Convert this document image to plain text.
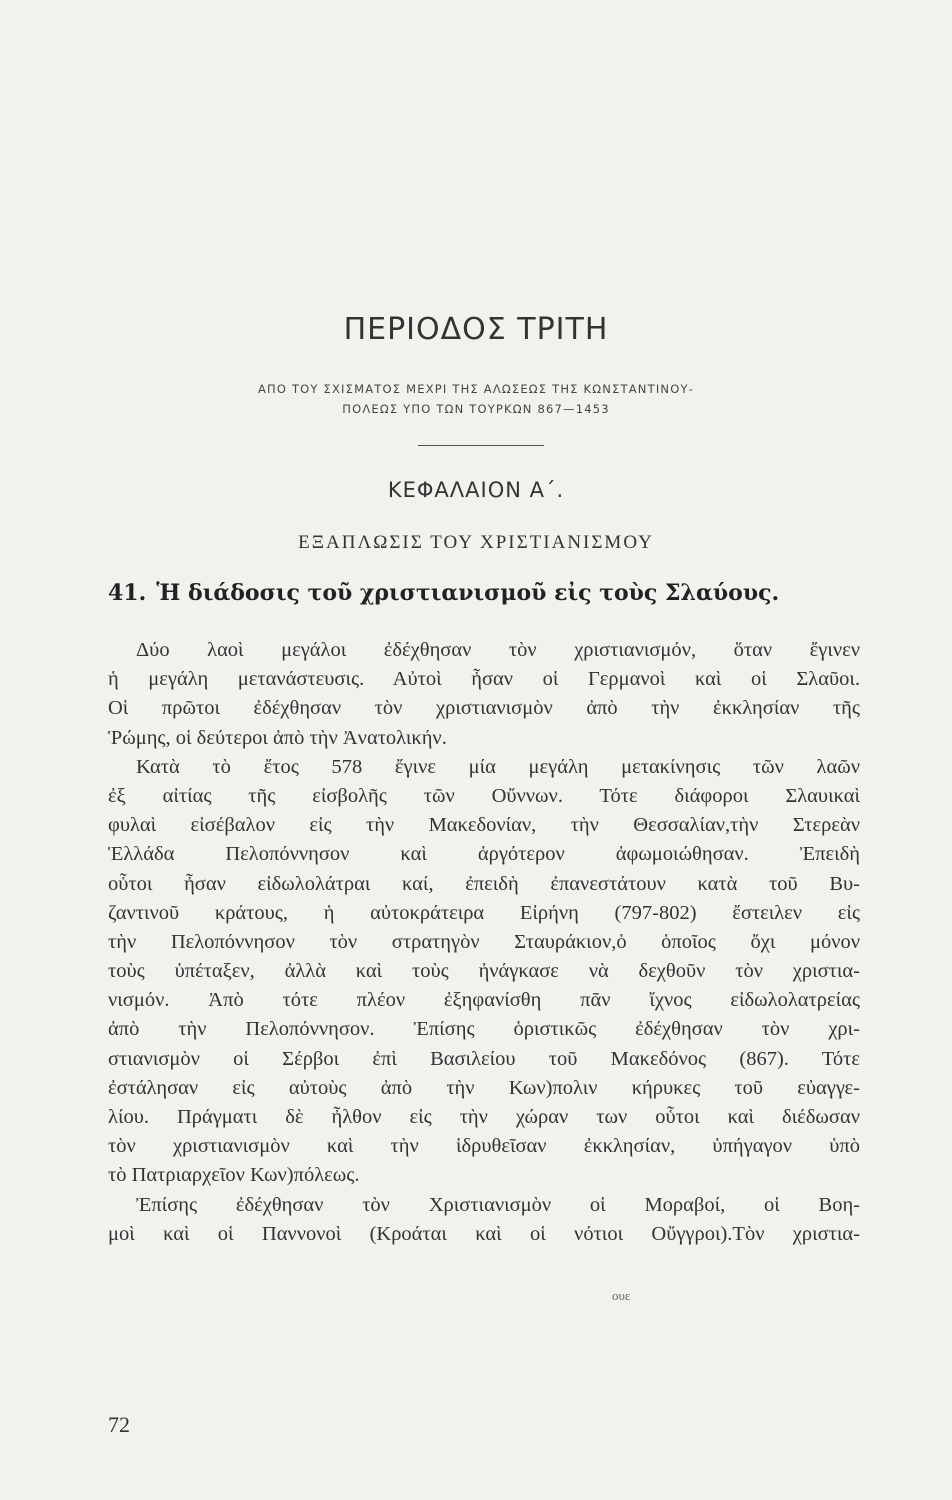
ΠΕΡΙΟΔΟΣ ΤΡΙΤΗ
ΑΠΟ ΤΟΥ ΣΧΙΣΜΑΤΟΣ ΜΕΧΡΙ ΤΗΣ ΑΛΩΣΕΩΣ ΤΗΣ ΚΩΝΣΤΑΝΤΙΝΟΥ-
ΠΟΛΕΩΣ ΥΠΟ ΤΩΝ ΤΟΥΡΚΩΝ 867—1453
ΚΕΦΑΛΑΙΟΝ Α΄.
ΕΞΑΠΛΩΣΙΣ ΤΟΥ ΧΡΙΣΤΙΑΝΙΣΜΟΥ
41. Ἡ διάδοσις τοῦ χριστιανισμοῦ εἰς τοὺς Σλαύους.
Δύο λαοὶ μεγάλοι ἐδέχθησαν τὸν χριστιανισμόν, ὅταν ἔγινεν
ἡ μεγάλη μετανάστευσις. Αὐτοὶ ἦσαν οἱ Γερμανοὶ καὶ οἱ Σλαῦοι.
Οἱ πρῶτοι ἐδέχθησαν τὸν χριστιανισμὸν ἀπὸ τὴν ἐκκλησίαν τῆς
Ῥώμης, οἱ δεύτεροι ἀπὸ τὴν Ἀνατολικήν.
Κατὰ τὸ ἔτος 578 ἔγινε μία μεγάλη μετακίνησις τῶν λαῶν
ἐξ αἰτίας τῆς εἰσβολῆς τῶν Οὔννων. Τότε διάφοροι Σλαυικαὶ
φυλαὶ εἰσέβαλον εἰς τὴν Μακεδονίαν, τὴν Θεσσαλίαν,τὴν Στερεὰν
Ἑλλάδα Πελοπόννησον καὶ ἀργότερον ἀφωμοιώθησαν. Ἐπειδὴ
οὗτοι ἦσαν εἰδωλολάτραι καί, ἐπειδὴ ἐπανεστάτουν κατὰ τοῦ Βυ-
ζαντινοῦ κράτους, ἡ αὐτοκράτειρα Εἰρήνη (797-802) ἔστειλεν εἰς
τὴν Πελοπόννησον τὸν στρατηγὸν Σταυράκιον,ὁ ὁποῖος ὄχι μόνον
τοὺς ὑπέταξεν, ἀλλὰ καὶ τοὺς ἠνάγκασε νὰ δεχθοῦν τὸν χριστια-
νισμόν. Ἀπὸ τότε πλέον ἐξηφανίσθη πᾶν ἴχνος εἰδωλολατρείας
ἀπὸ τὴν Πελοπόννησον. Ἐπίσης ὁριστικῶς ἐδέχθησαν τὸν χρι-
στιανισμὸν οἱ Σέρβοι ἐπὶ Βασιλείου τοῦ Μακεδόνος (867). Τότε
ἐστάλησαν εἰς αὐτοὺς ἀπὸ τὴν Κων)πολιν κήρυκες τοῦ εὐαγγε-
λίου. Πράγματι δὲ ἦλθον εἰς τὴν χώραν των οὗτοι καὶ διέδωσαν
τὸν χριστιανισμὸν καὶ τὴν ἱδρυθεῖσαν ἐκκλησίαν, ὑπήγαγον ὑπὸ
τὸ Πατριαρχεῖον Κων)πόλεως.
Ἐπίσης ἐδέχθησαν τὸν Χριστιανισμὸν οἱ Μοραβοί, οἱ Βοη-
μοὶ καὶ οἱ Παννονοὶ (Κροάται καὶ οἱ νότιοι Οὔγγροι).Τὸν χριστια-
ουε
72
